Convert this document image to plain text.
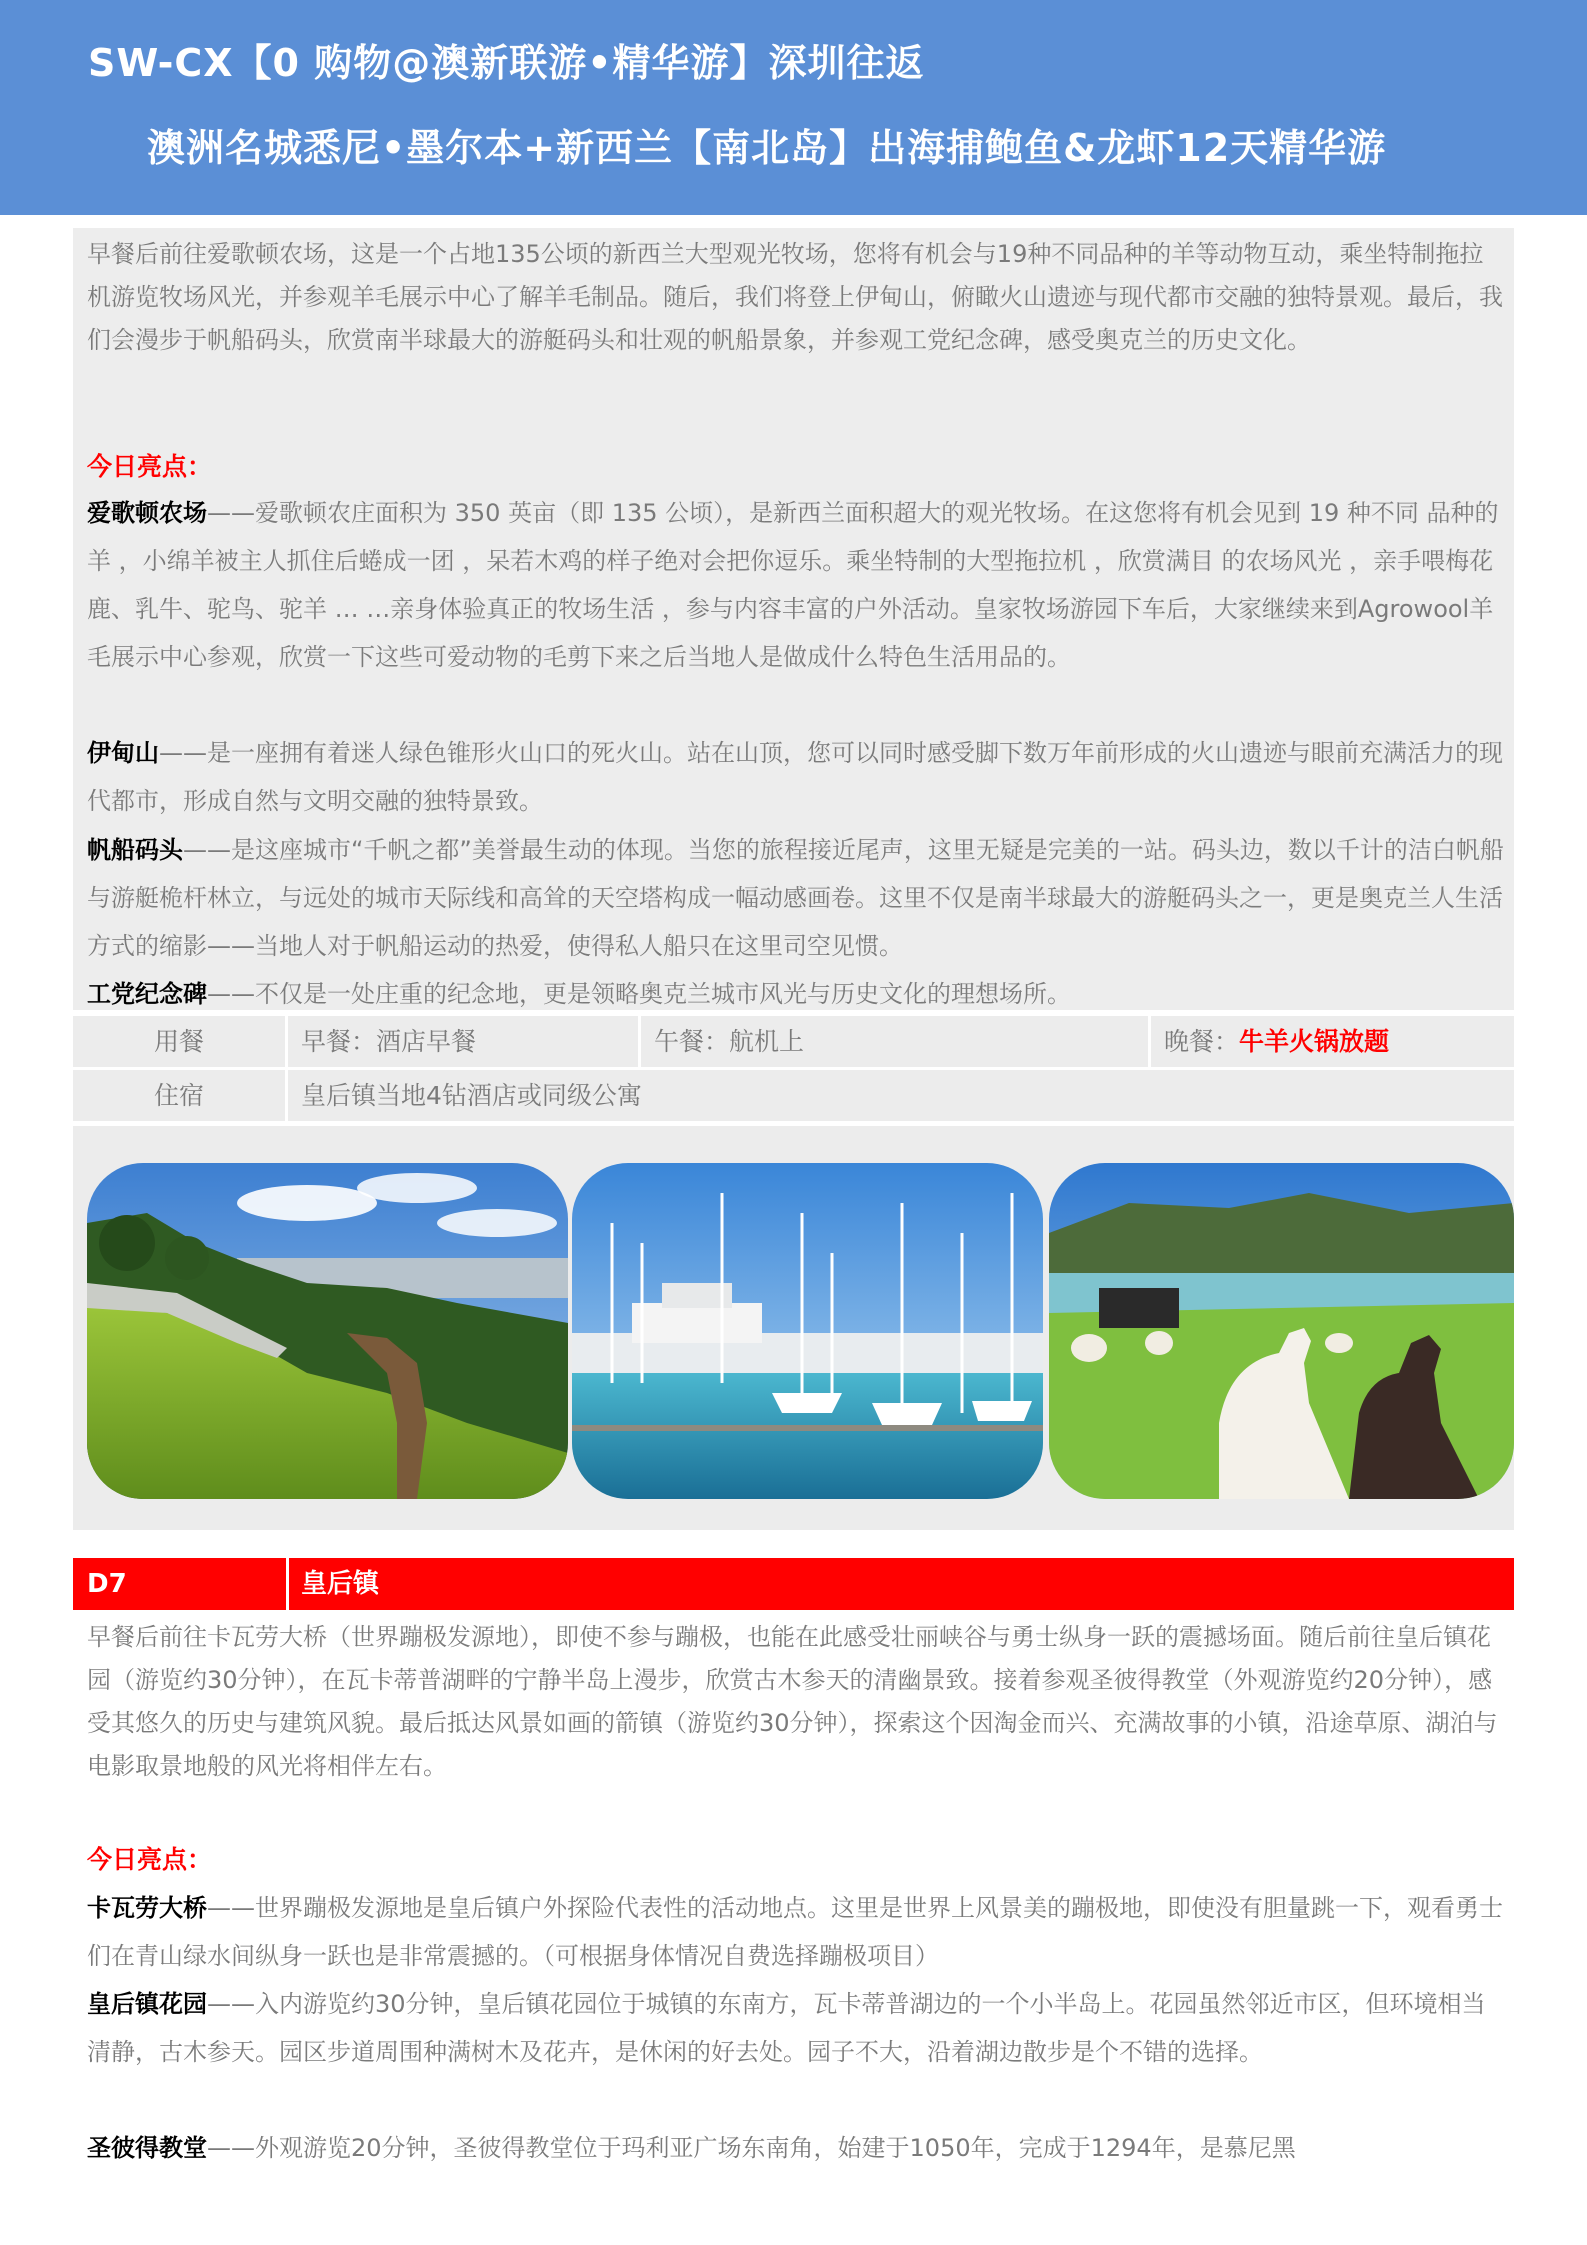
SW-CX【0 购物@澳新联游•精华游】深圳往返
澳洲名城悉尼•墨尔本+新西兰【南北岛】出海捕鲍鱼&龙虾12天精华游
早餐后前往爱歌顿农场，这是一个占地135公顷的新西兰大型观光牧场，您将有机会与19种不同品种的羊等动物互动，乘坐特制拖拉机游览牧场风光，并参观羊毛展示中心了解羊毛制品。随后，我们将登上伊甸山，俯瞰火山遗迹与现代都市交融的独特景观。最后，我们会漫步于帆船码头，欣赏南半球最大的游艇码头和壮观的帆船景象，并参观工党纪念碑，感受奥克兰的历史文化。
今日亮点：
爱歌顿农场——爱歌顿农庄面积为 350 英亩（即 135 公顷），是新西兰面积超大的观光牧场。在这您将有机会见到 19 种不同 品种的羊 ，小绵羊被主人抓住后蜷成一团 ，呆若木鸡的样子绝对会把你逗乐。乘坐特制的大型拖拉机 ，欣赏满目 的农场风光 ，亲手喂梅花鹿、乳牛、驼鸟、驼羊 … …亲身体验真正的牧场生活 ，参与内容丰富的户外活动。皇家牧场游园下车后，大家继续来到Agrowool羊毛展示中心参观，欣赏一下这些可爱动物的毛剪下来之后当地人是做成什么特色生活用品的。
伊甸山——是一座拥有着迷人绿色锥形火山口的死火山。站在山顶，您可以同时感受脚下数万年前形成的火山遗迹与眼前充满活力的现代都市，形成自然与文明交融的独特景致。
帆船码头——是这座城市“千帆之都”美誉最生动的体现。当您的旅程接近尾声，这里无疑是完美的一站。码头边，数以千计的洁白帆船与游艇桅杆林立，与远处的城市天际线和高耸的天空塔构成一幅动感画卷。这里不仅是南半球最大的游艇码头之一，更是奥克兰人生活方式的缩影——当地人对于帆船运动的热爱，使得私人船只在这里司空见惯。
工党纪念碑——不仅是一处庄重的纪念地，更是领略奥克兰城市风光与历史文化的理想场所。
用餐	早餐：酒店早餐	午餐：航机上	晚餐：牛羊火锅放题
住宿	皇后镇当地4钻酒店或同级公寓
D7	皇后镇
早餐后前往卡瓦劳大桥（世界蹦极发源地），即使不参与蹦极，也能在此感受壮丽峡谷与勇士纵身一跃的震撼场面。随后前往皇后镇花园（游览约30分钟），在瓦卡蒂普湖畔的宁静半岛上漫步，欣赏古木参天的清幽景致。接着参观圣彼得教堂（外观游览约20分钟），感受其悠久的历史与建筑风貌。最后抵达风景如画的箭镇（游览约30分钟），探索这个因淘金而兴、充满故事的小镇，沿途草原、湖泊与电影取景地般的风光将相伴左右。
今日亮点：
卡瓦劳大桥——世界蹦极发源地是皇后镇户外探险代表性的活动地点。这里是世界上风景美的蹦极地，即使没有胆量跳一下，观看勇士们在青山绿水间纵身一跃也是非常震撼的。（可根据身体情况自费选择蹦极项目）
皇后镇花园——入内游览约30分钟，皇后镇花园位于城镇的东南方，瓦卡蒂普湖边的一个小半岛上。花园虽然邻近市区，但环境相当清静，古木参天。园区步道周围种满树木及花卉，是休闲的好去处。园子不大，沿着湖边散步是个不错的选择。
圣彼得教堂——外观游览20分钟，圣彼得教堂位于玛利亚广场东南角，始建于1050年，完成于1294年，是慕尼黑
